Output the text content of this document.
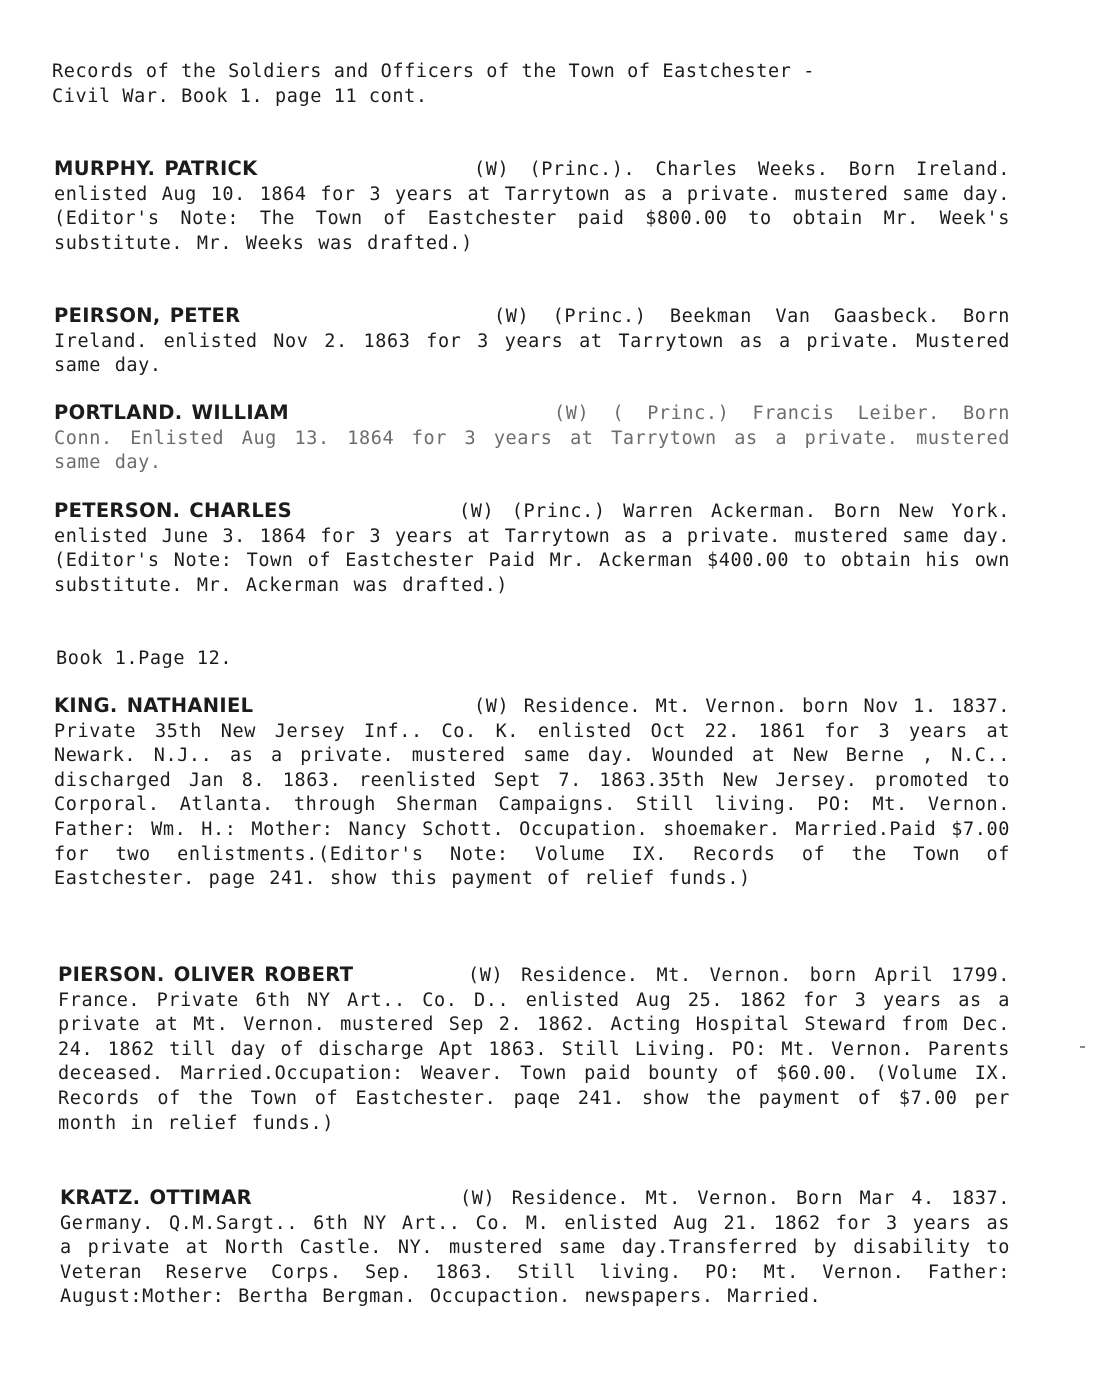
Records of the Soldiers and Officers of the Town of Eastchester -
Civil War. Book 1. page 11 cont.
MURPHY. PATRICK	(W) (Princ.). Charles Weeks. Born Ireland. enlisted Aug 10. 1864 for 3 years at Tarrytown as a private. mustered same day.(Editor's Note: The Town of Eastchester paid $800.00 to obtain Mr. Week's substitute. Mr. Weeks was drafted.)
PEIRSON, PETER	(W) (Princ.) Beekman Van Gaasbeck. Born Ireland. enlisted Nov 2. 1863 for 3 years at Tarrytown as a private. Mustered same day.
PORTLAND. WILLIAM	(W) ( Princ.) Francis Leiber. Born Conn. Enlisted Aug 13. 1864 for 3 years at Tarrytown as a private. mustered same day.
PETERSON. CHARLES	(W) (Princ.) Warren Ackerman. Born New York. enlisted June 3. 1864 for 3 years at Tarrytown as a private. mustered same day.(Editor's Note: Town of Eastchester Paid Mr. Ackerman $400.00 to obtain his own substitute. Mr. Ackerman was drafted.)
Book 1.Page 12.
KING. NATHANIEL	(W) Residence. Mt. Vernon. born Nov 1. 1837. Private 35th New Jersey Inf.. Co. K. enlisted Oct 22. 1861 for 3 years at Newark. N.J.. as a private. mustered same day. Wounded at New Berne , N.C.. discharged Jan 8. 1863. reenlisted Sept 7. 1863.35th New Jersey. promoted to Corporal. Atlanta. through Sherman Campaigns. Still living. PO: Mt. Vernon. Father: Wm. H.: Mother: Nancy Schott. Occupation. shoemaker. Married.Paid $7.00 for two enlistments.(Editor's Note: Volume IX. Records of the Town of Eastchester. page 241. show this payment of relief funds.)
PIERSON. OLIVER ROBERT	(W) Residence. Mt. Vernon. born April 1799. France. Private 6th NY Art.. Co. D.. enlisted Aug 25. 1862 for 3 years as a private at Mt. Vernon. mustered Sep 2. 1862. Acting Hospital Steward from Dec. 24. 1862 till day of discharge Apt 1863. Still Living. PO: Mt. Vernon. Parents deceased. Married.Occupation: Weaver. Town paid bounty of $60.00. (Volume IX. Records of the Town of Eastchester. paqe 241. show the payment of $7.00 per month in relief funds.)
KRATZ. OTTIMAR	(W) Residence. Mt. Vernon. Born Mar 4. 1837. Germany. Q.M.Sargt.. 6th NY Art.. Co. M. enlisted Aug 21. 1862 for 3 years as a private at North Castle. NY. mustered same day.Transferred by disability to Veteran Reserve Corps. Sep. 1863. Still living. PO: Mt. Vernon. Father: August:Mother: Bertha Bergman. Occupaction. newspapers. Married.
